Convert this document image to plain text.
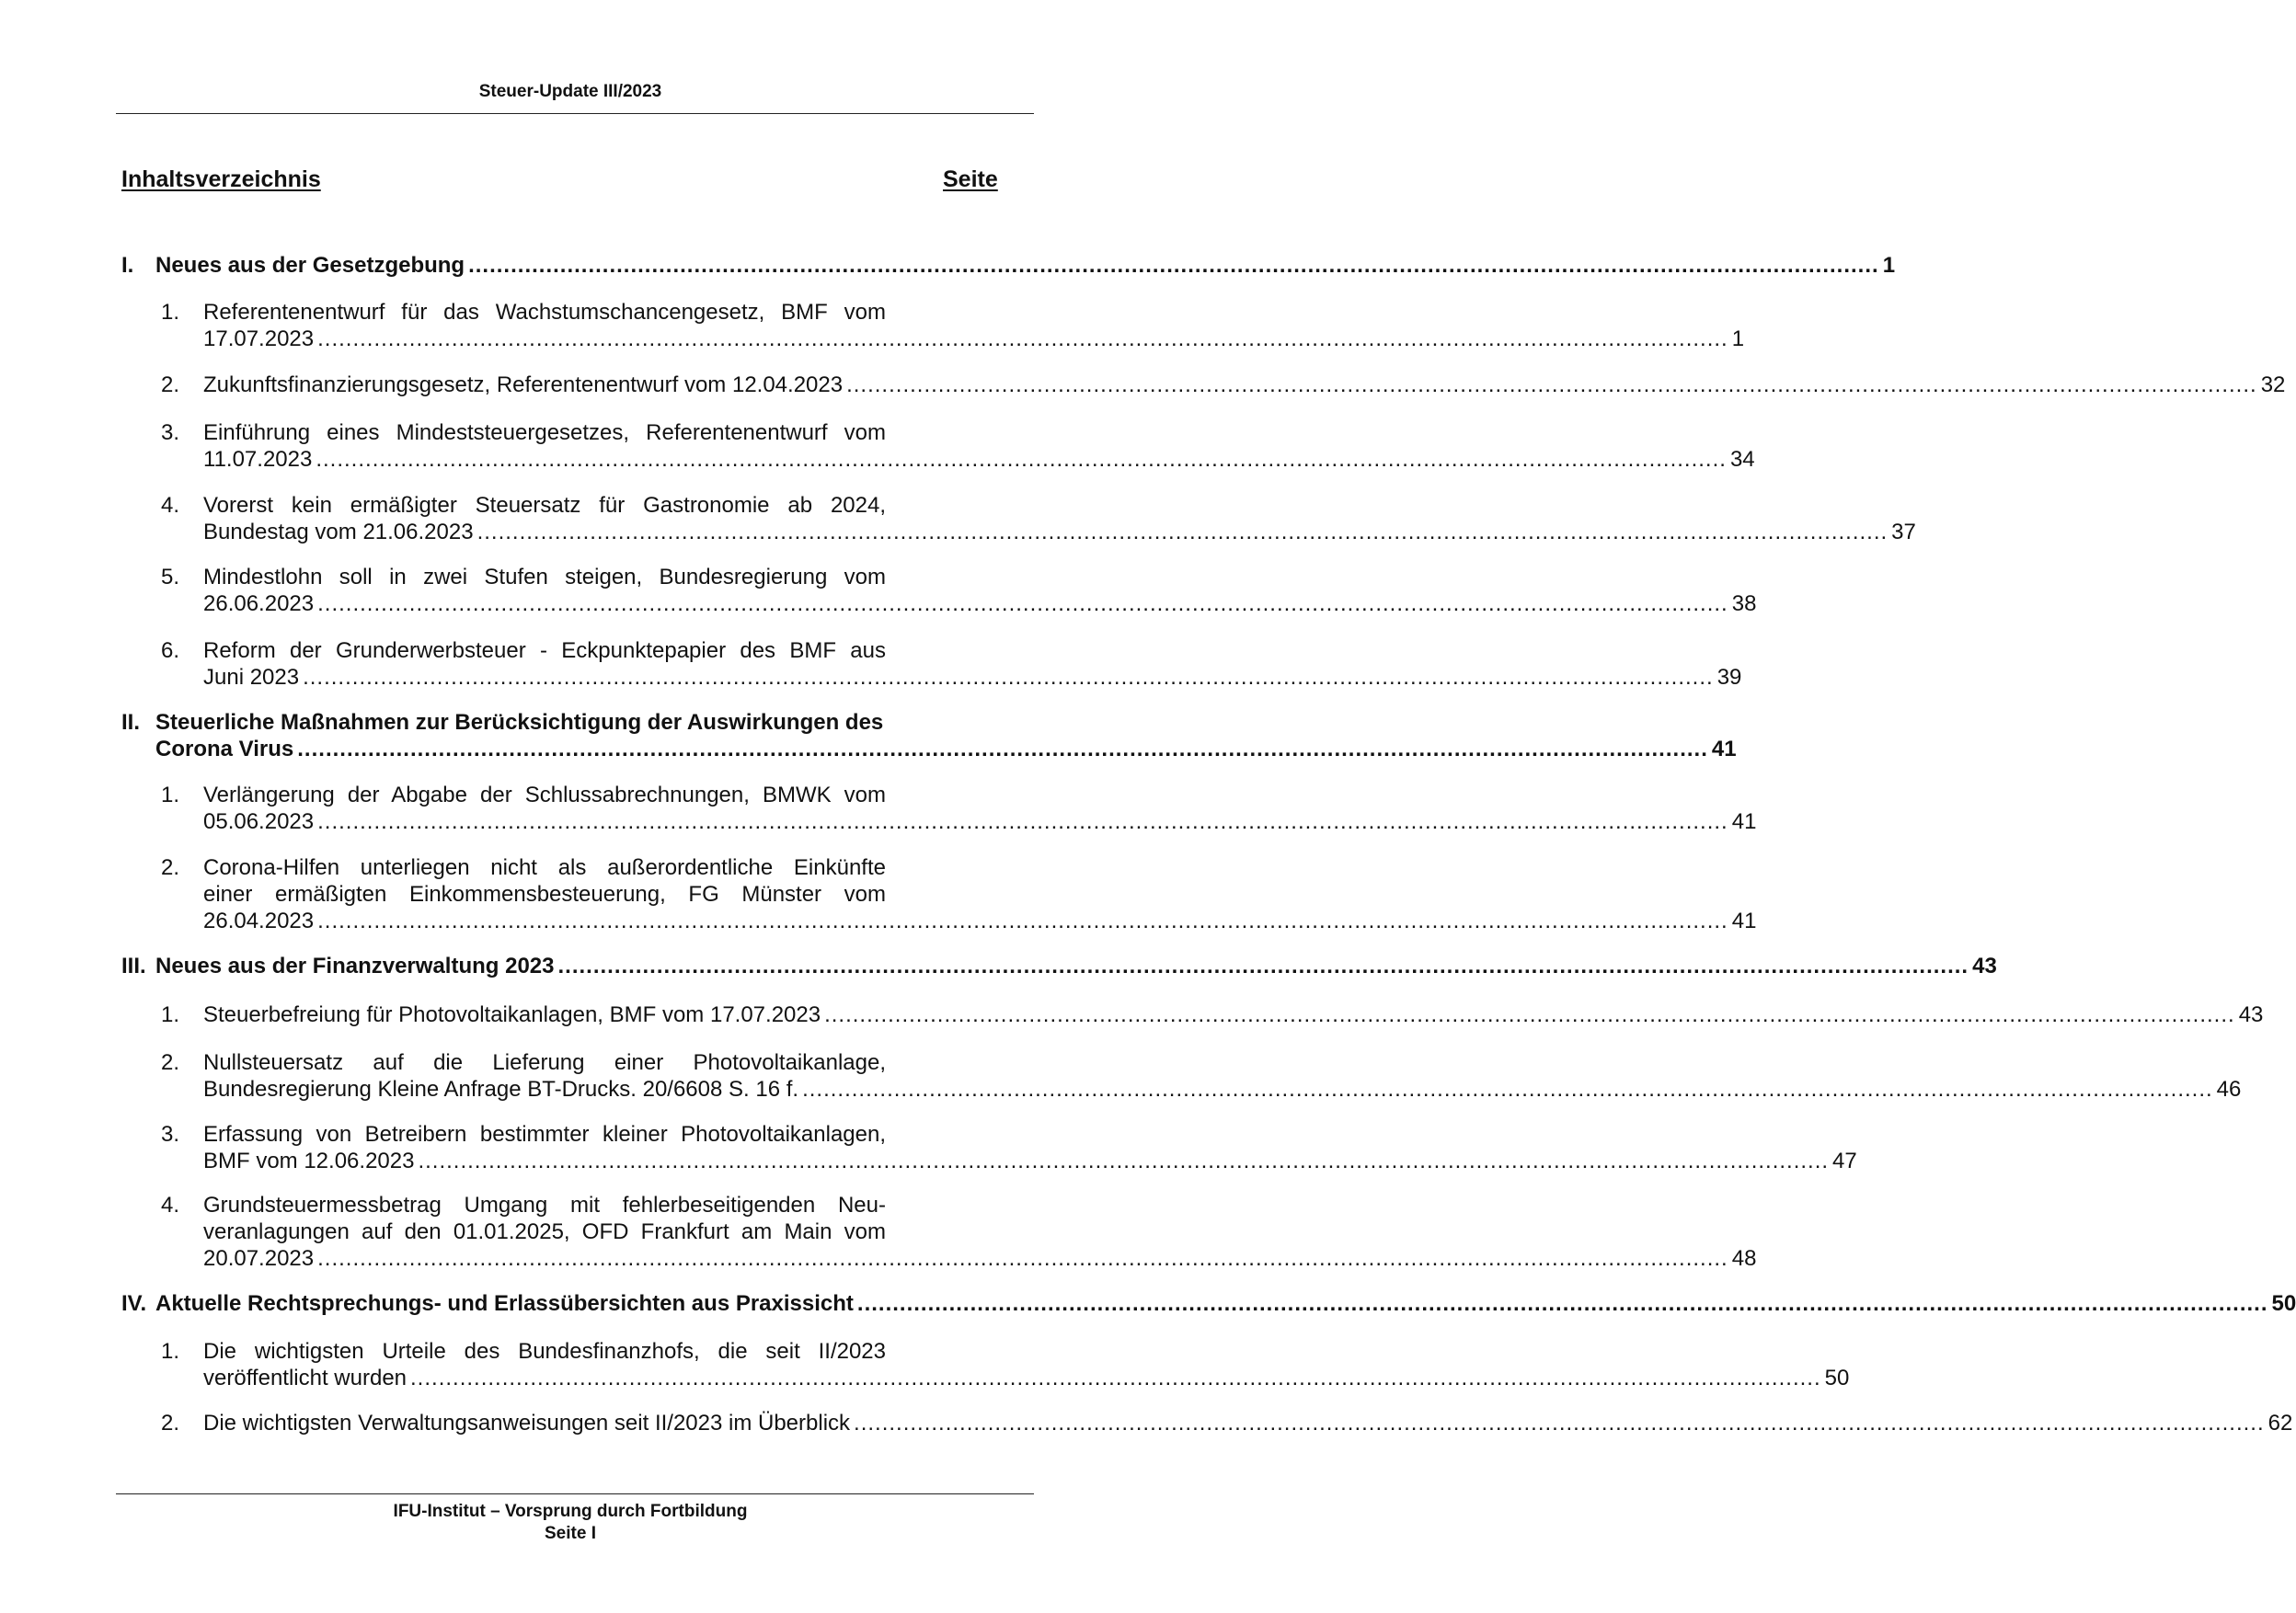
Steuer-Update III/2023
Inhaltsverzeichnis	Seite
I. Neues aus der Gesetzgebung ........................................................................................................................................................................................................ 1
1. Referentenentwurf für das Wachstumschancengesetz, BMF vom
17.07.2023 ........................................................................................................................................................................................................ 1
2. Zukunftsfinanzierungsgesetz, Referentenentwurf vom 12.04.2023 ........................................................................................................................................................................................................ 32
3. Einführung eines Mindeststeuergesetzes, Referentenentwurf vom
11.07.2023 ........................................................................................................................................................................................................ 34
4. Vorerst kein ermäßigter Steuersatz für Gastronomie ab 2024,
Bundestag vom 21.06.2023 ........................................................................................................................................................................................................ 37
5. Mindestlohn soll in zwei Stufen steigen, Bundesregierung vom
26.06.2023 ........................................................................................................................................................................................................ 38
6. Reform der Grunderwerbsteuer - Eckpunktepapier des BMF aus
Juni 2023 ........................................................................................................................................................................................................ 39
II. Steuerliche Maßnahmen zur Berücksichtigung der Auswirkungen des
Corona Virus ........................................................................................................................................................................................................ 41
1. Verlängerung der Abgabe der Schlussabrechnungen, BMWK vom
05.06.2023 ........................................................................................................................................................................................................ 41
2. Corona-Hilfen unterliegen nicht als außerordentliche Einkünfte
einer ermäßigten Einkommensbesteuerung, FG Münster vom
26.04.2023 ........................................................................................................................................................................................................ 41
III. Neues aus der Finanzverwaltung 2023 ........................................................................................................................................................................................................ 43
1. Steuerbefreiung für Photovoltaikanlagen, BMF vom 17.07.2023 ........................................................................................................................................................................................................ 43
2. Nullsteuersatz auf die Lieferung einer Photovoltaikanlage,
Bundesregierung Kleine Anfrage BT-Drucks. 20/6608 S. 16 f. ........................................................................................................................................................................................................ 46
3. Erfassung von Betreibern bestimmter kleiner Photovoltaikanlagen,
BMF vom 12.06.2023 ........................................................................................................................................................................................................ 47
4. Grundsteuermessbetrag Umgang mit fehlerbeseitigenden Neu-
veranlagungen auf den 01.01.2025, OFD Frankfurt am Main vom
20.07.2023 ........................................................................................................................................................................................................ 48
IV. Aktuelle Rechtsprechungs- und Erlassübersichten aus Praxissicht ........................................................................................................................................................................................................ 50
1. Die wichtigsten Urteile des Bundesfinanzhofs, die seit II/2023
veröffentlicht wurden ........................................................................................................................................................................................................ 50
2. Die wichtigsten Verwaltungsanweisungen seit II/2023 im Überblick ........................................................................................................................................................................................................ 62
IFU-Institut – Vorsprung durch Fortbildung
Seite I
